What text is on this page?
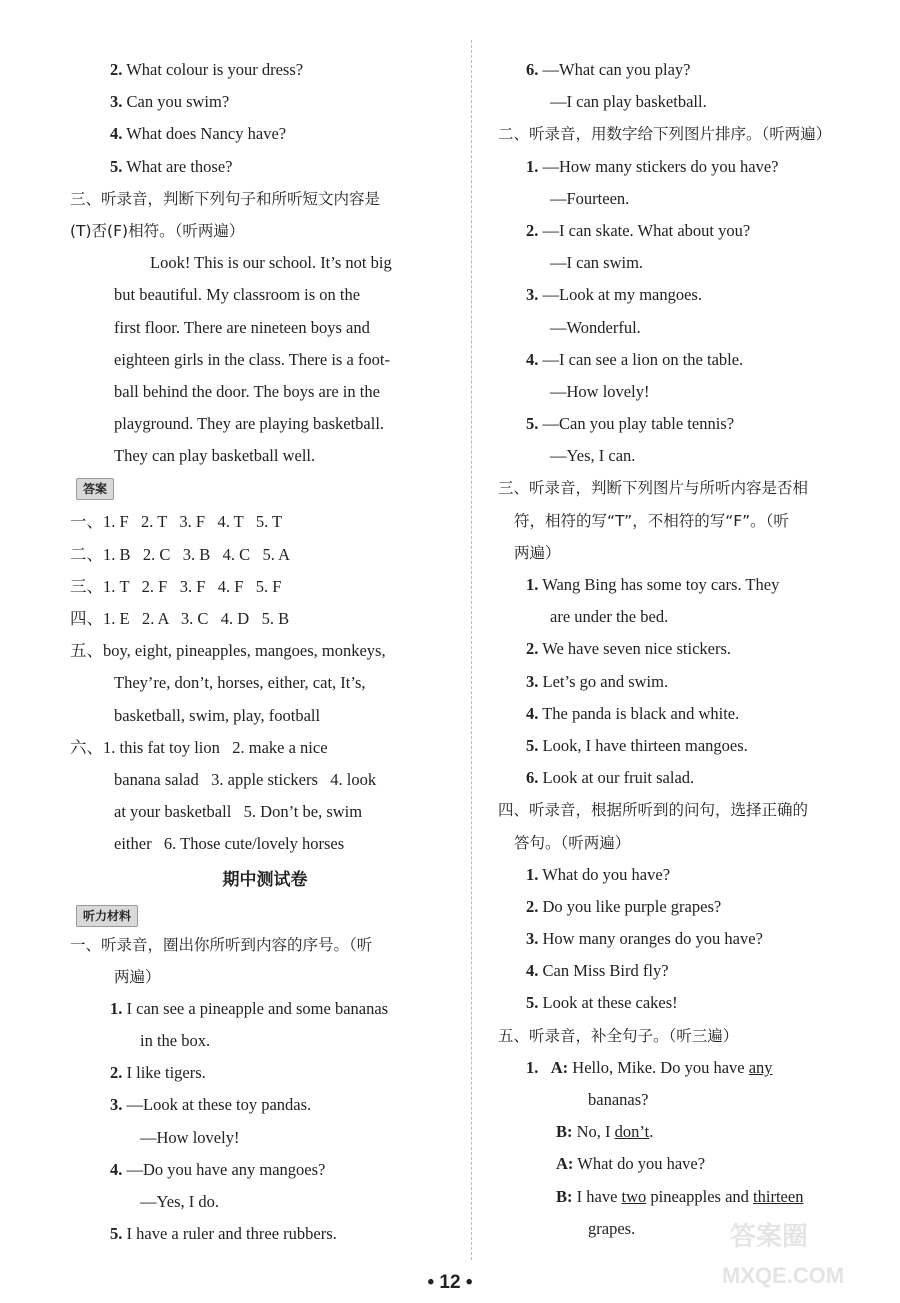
2. What colour is your dress?
3. Can you swim?
4. What does Nancy have?
5. What are those?
三、听录音，判断下列句子和所听短文内容是
(T)否(F)相符。（听两遍）
Look! This is our school. It’s not big
but beautiful. My classroom is on the
first floor. There are nineteen boys and
eighteen girls in the class. There is a foot-
ball behind the door. The boys are in the
playground. They are playing basketball.
They can play basketball well.
答案
一、1. F   2. T   3. F   4. T   5. T
二、1. B   2. C   3. B   4. C   5. A
三、1. T   2. F   3. F   4. F   5. F
四、1. E   2. A   3. C   4. D   5. B
五、boy, eight, pineapples, mangoes, monkeys,
They’re, don’t, horses, either, cat, It’s,
basketball, swim, play, football
六、1. this fat toy lion   2. make a nice
banana salad   3. apple stickers   4. look
at your basketball   5. Don’t be, swim
either   6. Those cute/lovely horses
期中测试卷
听力材料
一、听录音，圈出你所听到内容的序号。（听
两遍）
1. I can see a pineapple and some bananas
in the box.
2. I like tigers.
3. —Look at these toy pandas.
—How lovely!
4. —Do you have any mangoes?
—Yes, I do.
5. I have a ruler and three rubbers.
6. —What can you play?
—I can play basketball.
二、听录音，用数字给下列图片排序。（听两遍）
1. —How many stickers do you have?
—Fourteen.
2. —I can skate. What about you?
—I can swim.
3. —Look at my mangoes.
—Wonderful.
4. —I can see a lion on the table.
—How lovely!
5. —Can you play table tennis?
—Yes, I can.
三、听录音，判断下列图片与所听内容是否相
符，相符的写“T”，不相符的写“F”。（听
两遍）
1. Wang Bing has some toy cars. They
are under the bed.
2. We have seven nice stickers.
3. Let’s go and swim.
4. The panda is black and white.
5. Look, I have thirteen mangoes.
6. Look at our fruit salad.
四、听录音，根据所听到的问句，选择正确的
答句。（听两遍）
1. What do you have?
2. Do you like purple grapes?
3. How many oranges do you have?
4. Can Miss Bird fly?
5. Look at these cakes!
五、听录音，补全句子。（听三遍）
1. A: Hello, Mike. Do you have any
bananas?
B: No, I don’t.
A: What do you have?
B: I have two pineapples and thirteen
grapes.
• 12 •
答案圈
MXQE.COM
